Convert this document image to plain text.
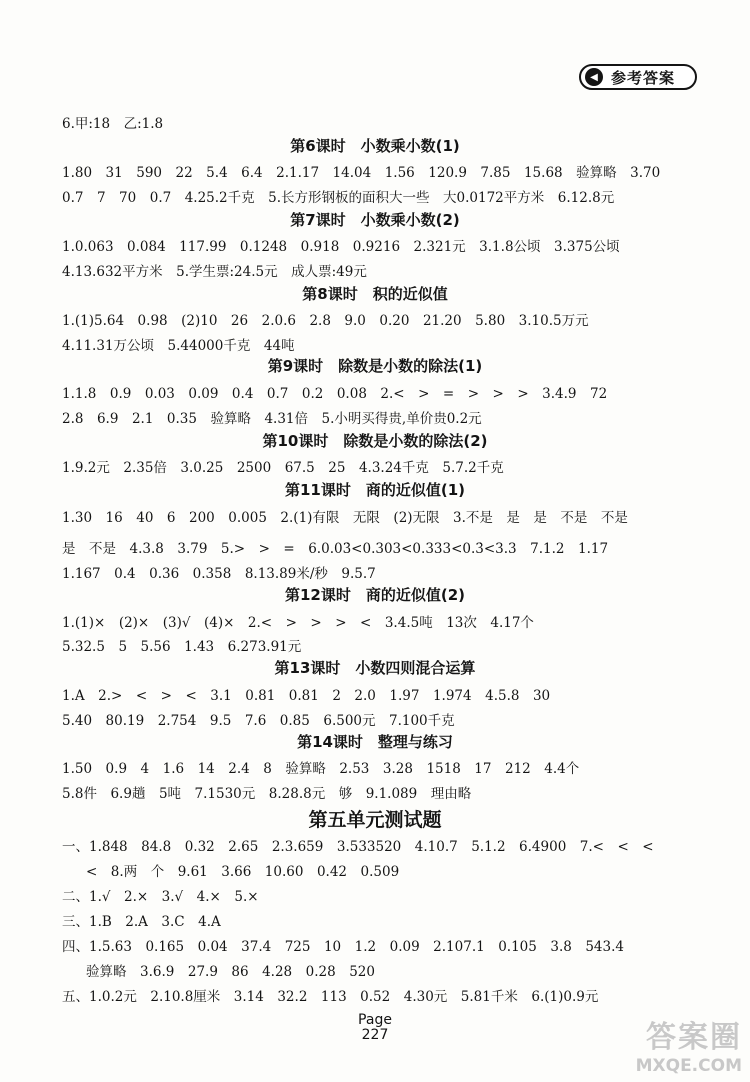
◀ 参考答案
6.甲:18　乙:1.8
第6课时　小数乘小数(1)
1.80　31　590　22　5.4　6.4　2.1.17　14.04　1.56　120.9　7.85　15.68　验算略　3.70
0.7　7　70　0.7　4.25.2千克　5.长方形钢板的面积大一些　大0.0172平方米　6.12.8元
第7课时　小数乘小数(2)
1.0.063　0.084　117.99　0.1248　0.918　0.9216　2.321元　3.1.8公顷　3.375公顷
4.13.632平方米　5.学生票:24.5元　成人票:49元
第8课时　积的近似值
1.(1)5.64　0.98　(2)10　26　2.0.6　2.8　9.0　0.20　21.20　5.80　3.10.5万元
4.11.31万公顷　5.44000千克　44吨
第9课时　除数是小数的除法(1)
1.1.8　0.9　0.03　0.09　0.4　0.7　0.2　0.08　2.<　>　=　>　>　>　3.4.9　72
2.8　6.9　2.1　0.35　验算略　4.31倍　5.小明买得贵,单价贵0.2元
第10课时　除数是小数的除法(2)
1.9.2元　2.35倍　3.0.25　2500　67.5　25　4.3.24千克　5.7.2千克
第11课时　商的近似值(1)
1.30　16　40　6　200　0.005　2.(1)有限　无限　(2)无限　3.不是　是　是　不是　不是
是　不是　4.3.8　3.79　5.>　>　=　6.0.03̇<0.303<0.333<0.3̇<3.3　7.1.2　1.17
1.167　0.4　0.36　0.358　8.13.89米/秒　9.5.7
第12课时　商的近似值(2)
1.(1)×　(2)×　(3)√　(4)×　2.<　>　>　>　<　3.4.5吨　13次　4.17个
5.32.5　5　5.56　1.43　6.273.91元
第13课时　小数四则混合运算
1.A　2.>　<　>　<　3.1　0.81　0.81　2　2.0　1.97　1.974　4.5.8　30
5.40　80.19　2.754　9.5　7.6　0.85　6.500元　7.100千克
第14课时　整理与练习
1.50　0.9　4　1.6　14　2.4　8　验算略　2.53　3.28　1518　17　212　4.4个
5.8件　6.9趟　5吨　7.1530元　8.28.8元　够　9.1.089　理由略
第五单元测试题
一、1.848　84.8　0.32　2.65　2.3.659　3.533520　4.10.7　5.1.2　6.4900　7.<　<　<
<　8.两　个　9.61　3.66　10.60　0.42　0.509
二、1.√　2.×　3.√　4.×　5.×
三、1.B　2.A　3.C　4.A
四、1.5.63　0.165　0.04　37.4　725　10　1.2　0.09　2.107.1　0.105　3.8　543.4
验算略　3.6.9　27.9　86　4.28　0.28　520
五、1.0.2元　2.10.8厘米　3.14　32.2　113　0.52　4.30元　5.81千米　6.(1)0.9元
Page
227	答案圈
MXQE.COM
